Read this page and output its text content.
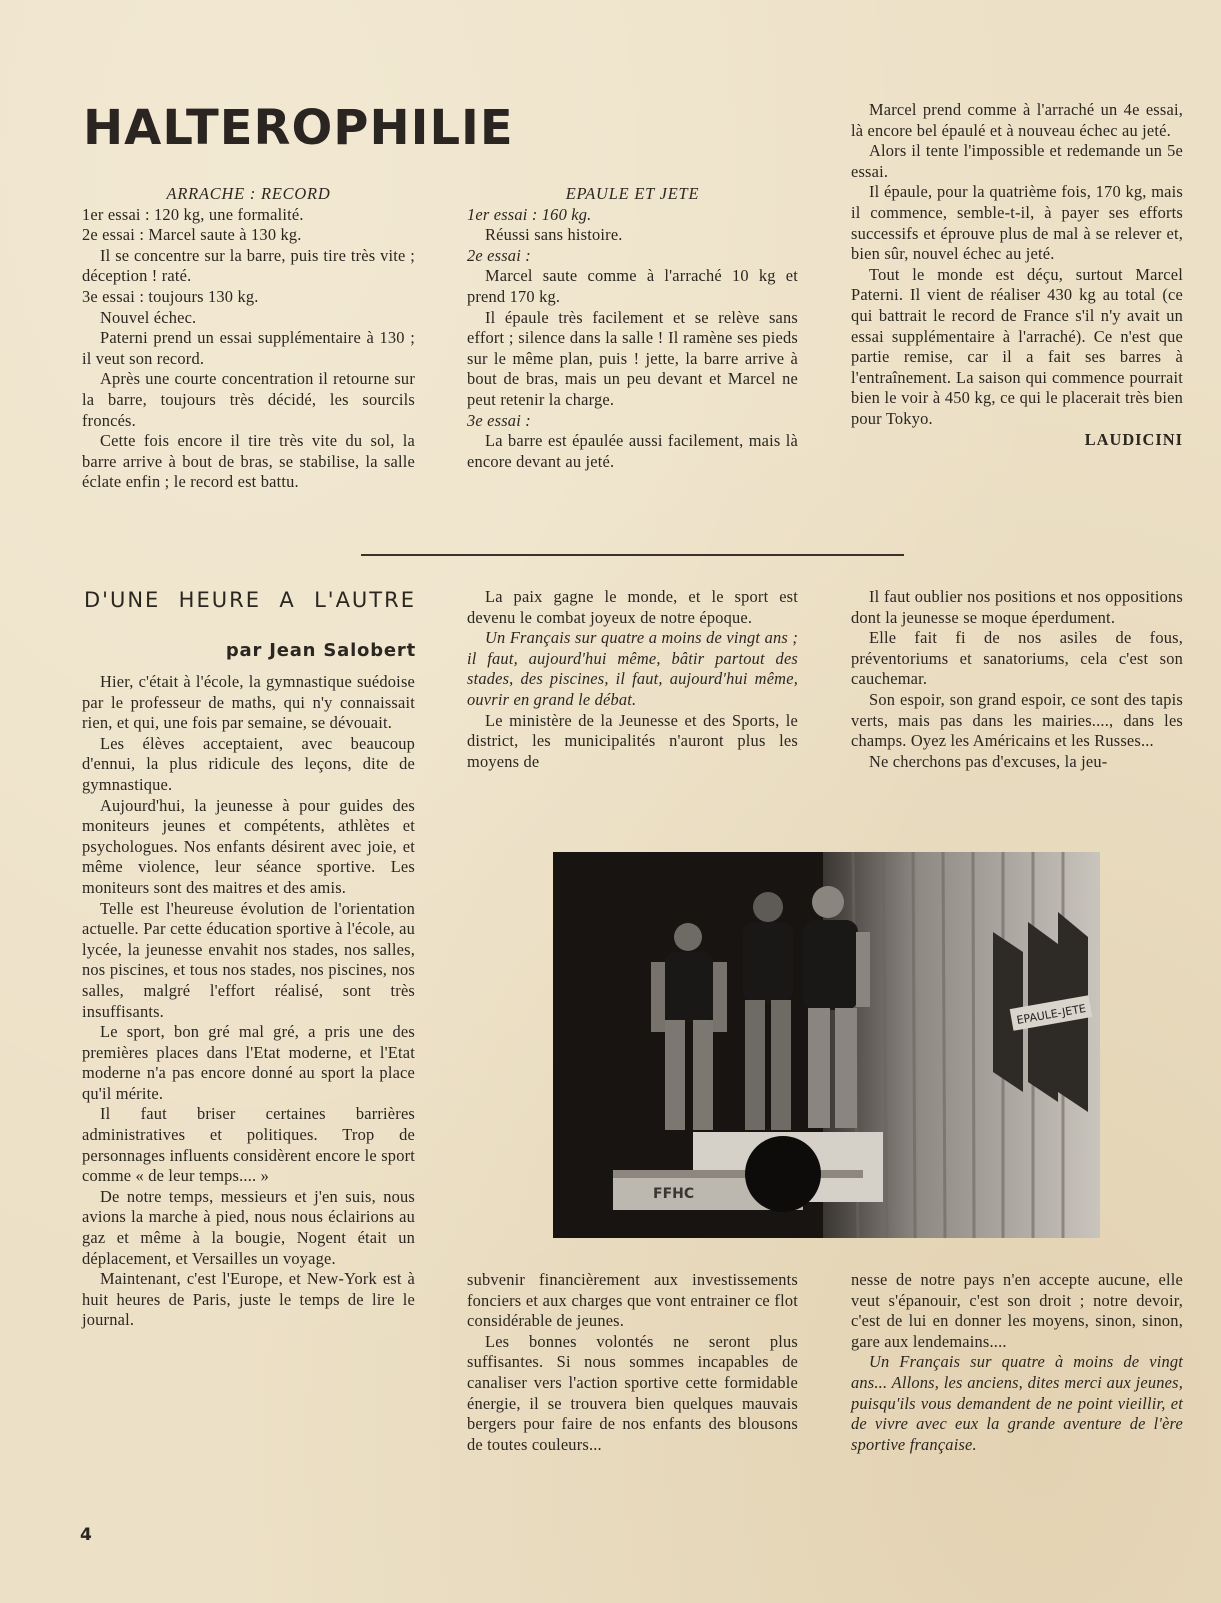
HALTEROPHILIE

ARRACHE : RECORD

1er essai : 120 kg, une formalité.

2e essai : Marcel saute à 130 kg.

Il se concentre sur la barre, puis tire très vite ; déception ! raté.

3e essai : toujours 130 kg.

Nouvel échec.

Paterni prend un essai supplémentaire à 130 ; il veut son record.

Après une courte concentration il retourne sur la barre, toujours très décidé, les sourcils froncés.

Cette fois encore il tire très vite du sol, la barre arrive à bout de bras, se stabilise, la salle éclate enfin ; le record est battu.

EPAULE ET JETE

1er essai : 160 kg.

Réussi sans histoire.

2e essai :

Marcel saute comme à l'arraché 10 kg et prend 170 kg.

Il épaule très facilement et se relève sans effort ; silence dans la salle ! Il ramène ses pieds sur le même plan, puis ! jette, la barre arrive à bout de bras, mais un peu devant et Marcel ne peut retenir la charge.

3e essai :

La barre est épaulée aussi facilement, mais là encore devant au jeté.

Marcel prend comme à l'arraché un 4e essai, là encore bel épaulé et à nouveau échec au jeté.

Alors il tente l'impossible et redemande un 5e essai.

Il épaule, pour la quatrième fois, 170 kg, mais il commence, semble-t-il, à payer ses efforts successifs et éprouve plus de mal à se relever et, bien sûr, nouvel échec au jeté.

Tout le monde est déçu, surtout Marcel Paterni. Il vient de réaliser 430 kg au total (ce qui battrait le record de France s'il n'y avait un essai supplémentaire à l'arraché). Ce n'est que partie remise, car il a fait ses barres à l'entraînement. La saison qui commence pourrait bien le voir à 450 kg, ce qui le placerait très bien pour Tokyo.

LAUDICINI

D'UNE HEURE A L'AUTRE
par Jean Salobert

Hier, c'était à l'école, la gymnastique suédoise par le professeur de maths, qui n'y connaissait rien, et qui, une fois par semaine, se dévouait.

Les élèves acceptaient, avec beaucoup d'ennui, la plus ridicule des leçons, dite de gymnastique.

Aujourd'hui, la jeunesse à pour guides des moniteurs jeunes et compétents, athlètes et psychologues. Nos enfants désirent avec joie, et même violence, leur séance sportive. Les moniteurs sont des maitres et des amis.

Telle est l'heureuse évolution de l'orientation actuelle. Par cette éducation sportive à l'école, au lycée, la jeunesse envahit nos stades, nos salles, nos piscines, et tous nos stades, nos piscines, nos salles, malgré l'effort réalisé, sont très insuffisants.

Le sport, bon gré mal gré, a pris une des premières places dans l'Etat moderne, et l'Etat moderne n'a pas encore donné au sport la place qu'il mérite.

Il faut briser certaines barrières administratives et politiques. Trop de personnages influents considèrent encore le sport comme « de leur temps.... »

De notre temps, messieurs et j'en suis, nous avions la marche à pied, nous nous éclairions au gaz et même à la bougie, Nogent était un déplacement, et Versailles un voyage.

Maintenant, c'est l'Europe, et New-York est à huit heures de Paris, juste le temps de lire le journal.

La paix gagne le monde, et le sport est devenu le combat joyeux de notre époque.

Un Français sur quatre a moins de vingt ans ; il faut, aujourd'hui même, bâtir partout des stades, des piscines, il faut, aujourd'hui même, ouvrir en grand le débat.

Le ministère de la Jeunesse et des Sports, le district, les municipalités n'auront plus les moyens de

Il faut oublier nos positions et nos oppositions dont la jeunesse se moque éperdument.

Elle fait fi de nos asiles de fous, préventoriums et sanatoriums, cela c'est son cauchemar.

Son espoir, son grand espoir, ce sont des tapis verts, mais pas dans les mairies...., dans les champs. Oyez les Américains et les Russes...

Ne cherchons pas d'excuses, la jeu-

EPAULE-JETE
FFHC

subvenir financièrement aux investissements fonciers et aux charges que vont entrainer ce flot considérable de jeunes.

Les bonnes volontés ne seront plus suffisantes. Si nous sommes incapables de canaliser vers l'action sportive cette formidable énergie, il se trouvera bien quelques mauvais bergers pour faire de nos enfants des blousons de toutes couleurs...

nesse de notre pays n'en accepte aucune, elle veut s'épanouir, c'est son droit ; notre devoir, c'est de lui en donner les moyens, sinon, sinon, gare aux lendemains....

Un Français sur quatre à moins de vingt ans... Allons, les anciens, dites merci aux jeunes, puisqu'ils vous demandent de ne point vieillir, et de vivre avec eux la grande aventure de l'ère sportive française.

4
